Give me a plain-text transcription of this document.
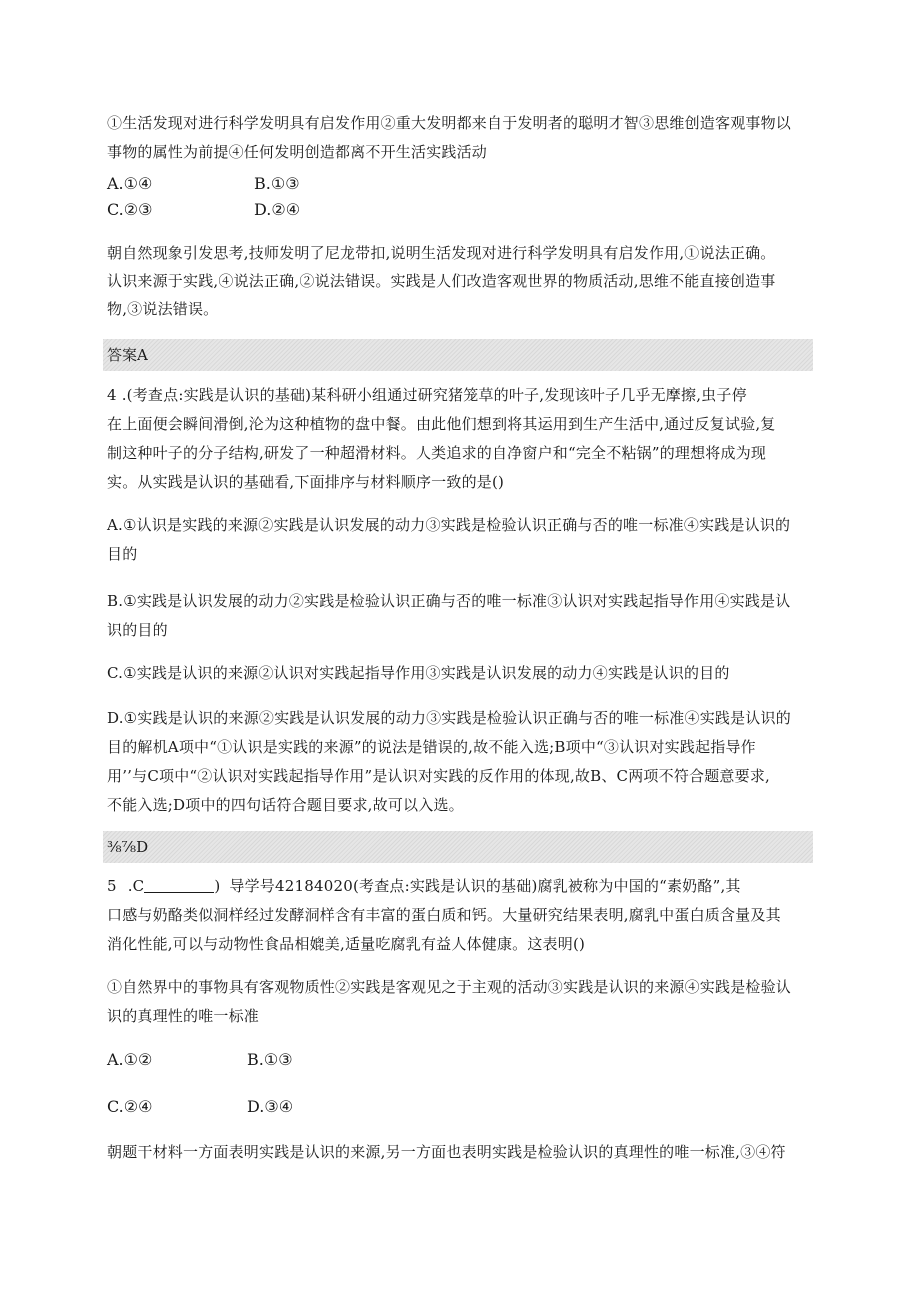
①生活发现对进行科学发明具有启发作用②重大发明都来自于发明者的聪明才智③思维创造客观事物以
事物的属性为前提④任何发明创造都离不开生活实践活动
A.①④	B.①③
C.②③	D.②④
朝自然现象引发思考,技师发明了尼龙带扣,说明生活发现对进行科学发明具有启发作用,①说法正确。
认识来源于实践,④说法正确,②说法错误。实践是人们改造客观世界的物质活动,思维不能直接创造事
物,③说法错误。
答案A
4 .(考查点:实践是认识的基础)某科研小组通过研究猪笼草的叶子,发现该叶子几乎无摩擦,虫子停
在上面便会瞬间滑倒,沦为这种植物的盘中餐。由此他们想到将其运用到生产生活中,通过反复试验,复
制这种叶子的分子结构,研发了一种超滑材料。人类追求的自净窗户和“完全不粘锅”的理想将成为现
实。从实践是认识的基础看,下面排序与材料顺序一致的是()
A.①认识是实践的来源②实践是认识发展的动力③实践是检验认识正确与否的唯一标准④实践是认识的
目的
B.①实践是认识发展的动力②实践是检验认识正确与否的唯一标准③认识对实践起指导作用④实践是认
识的目的
C.①实践是认识的来源②认识对实践起指导作用③实践是认识发展的动力④实践是认识的目的
D.①实践是认识的来源②实践是认识发展的动力③实践是检验认识正确与否的唯一标准④实践是认识的
目的解机A项中“①认识是实践的来源”的说法是错误的,故不能入选;B项中“③认识对实践起指导作
用’’与C项中“②认识对实践起指导作用”是认识对实践的反作用的体现,故B、C两项不符合题意要求,
不能入选;D项中的四句话符合题目要求,故可以入选。
⅜⅞D
5 .C	) 导学号42184020(考查点:实践是认识的基础)腐乳被称为中国的“素奶酪”,其
口感与奶酪类似洞样经过发酵洞样含有丰富的蛋白质和钙。大量研究结果表明,腐乳中蛋白质含量及其
消化性能,可以与动物性食品相媲美,适量吃腐乳有益人体健康。这表明()
①自然界中的事物具有客观物质性②实践是客观见之于主观的活动③实践是认识的来源④实践是检验认
识的真理性的唯一标准
A.①②	B.①③
C.②④	D.③④
朝题干材料一方面表明实践是认识的来源,另一方面也表明实践是检验认识的真理性的唯一标准,③④符
